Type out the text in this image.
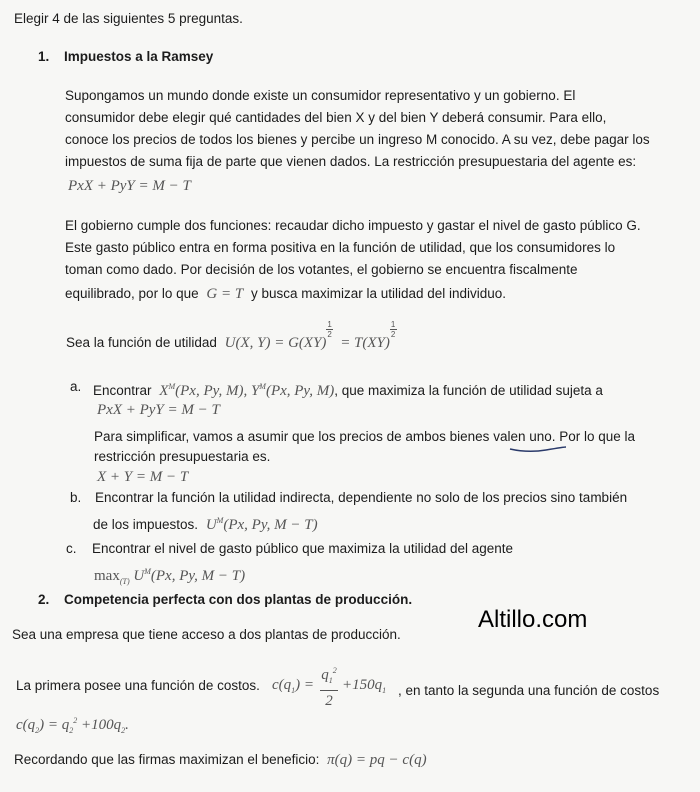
Elegir 4 de las siguientes 5 preguntas.
1. Impuestos a la Ramsey
Supongamos un mundo donde existe un consumidor representativo y un gobierno. El
consumidor debe elegir qué cantidades del bien X y del bien Y deberá consumir. Para ello,
conoce los precios de todos los bienes y percibe un ingreso M conocido. A su vez, debe pagar los
impuestos de suma fija de parte que vienen dados. La restricción presupuestaria del agente es:
PxX + PyY = M − T
El gobierno cumple dos funciones: recaudar dicho impuesto y gastar el nivel de gasto público G.
Este gasto público entra en forma positiva en la función de utilidad, que los consumidores lo
toman como dado. Por decisión de los votantes, el gobierno se encuentra fiscalmente
equilibrado, por lo que G = T y busca maximizar la utilidad del individuo.
Sea la función de utilidad U(X, $Y) = G(XY) \frac{1}{2} = T(XY) \frac{1}{2}$
a. Encontrar $X^M(Px$, Py, M), $Y^M(Px$, Py, M), que maximiza la función de utilidad sujeta a
PxX + PyY = M − T
Para simplificar, vamos a asumir que los precios de ambos bienes valen uno. Por lo que la
restricción presupuestaria es.
X + Y = M − T
b. Encontrar la función la utilidad indirecta, dependiente no solo de los precios sino también
de los impuestos. $U^M(Px$, Py, M − T)
c. Encontrar el nivel de gasto público que maximiza la utilidad del agente
$\max_{(T)} U^M(Px$, Py, M − T)
2. Competencia perfecta con dos plantas de producción.
Altillo.com
Sea una empresa que tiene acceso a dos plantas de producción.
La primera posee una función de costos. $c(q_1)$ =
$q_1^2$
2
$+150q_1$ , en tanto la segunda una función de costos
$c(q_2) = q_2^2 +100q_2$.
Recordando que las firmas maximizan el beneficio: π(q) = pq − c(q)
